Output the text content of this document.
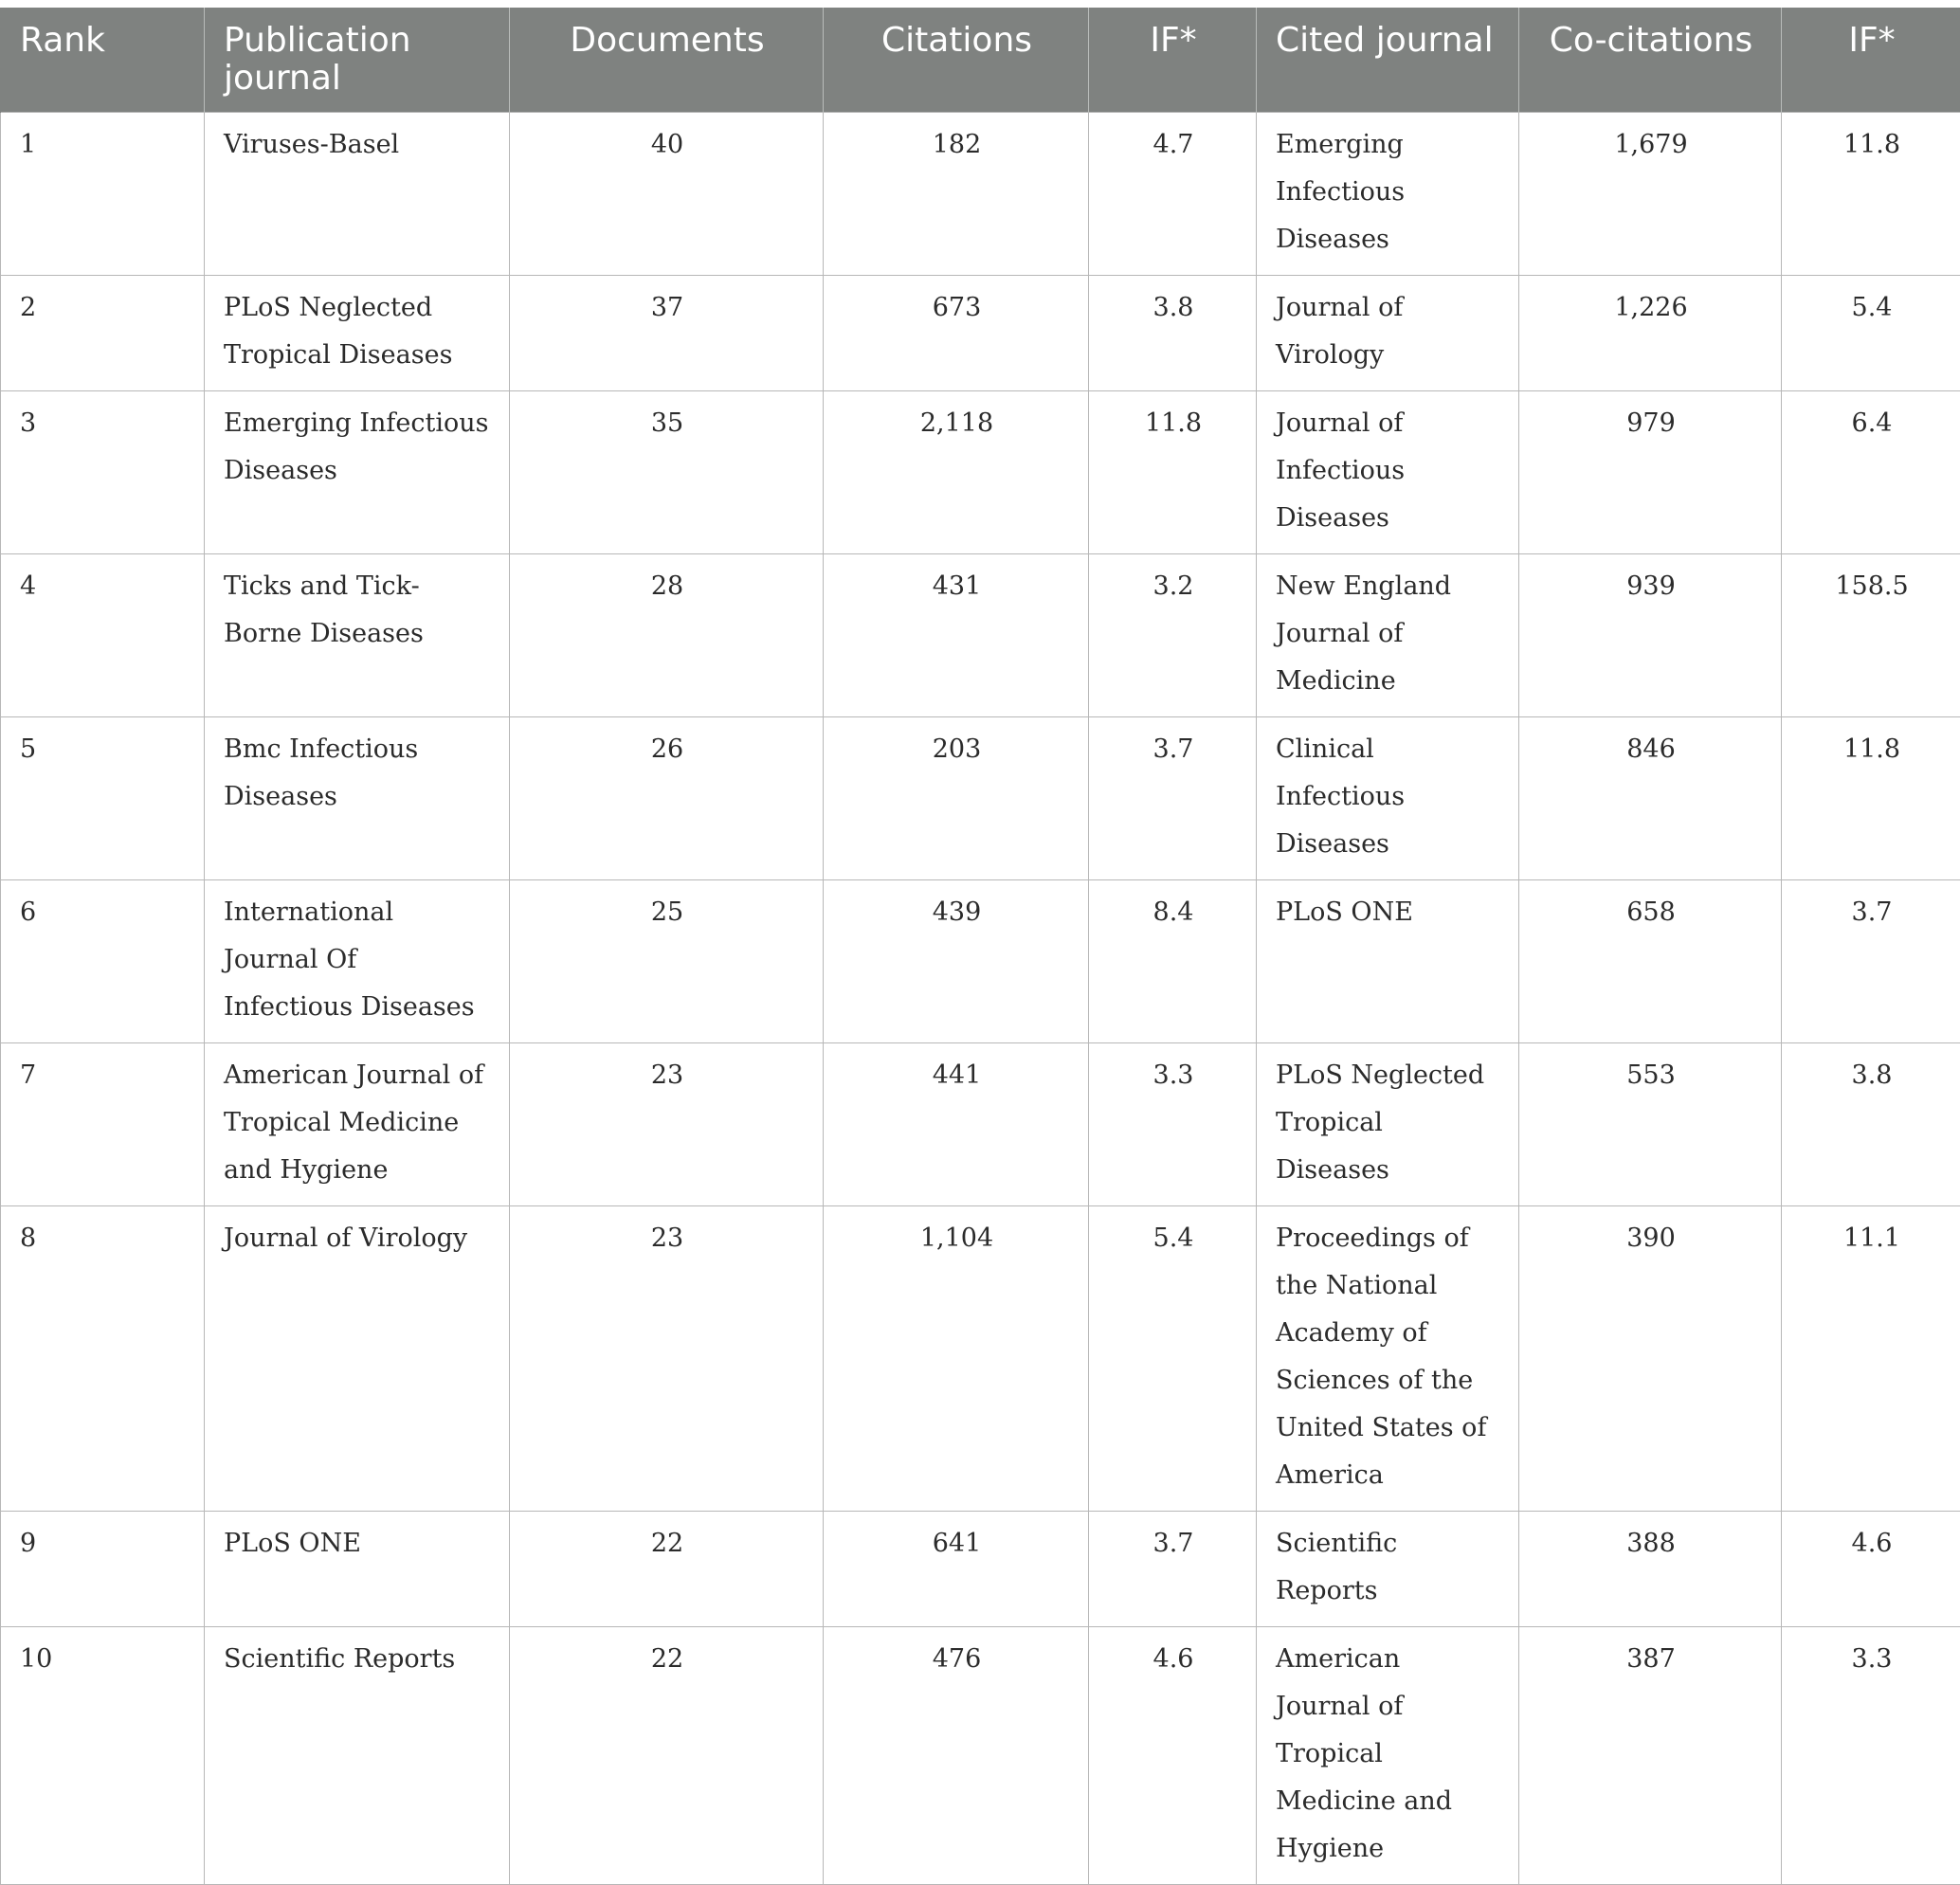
Rank	Publication journal	Documents	Citations	IF*	Cited journal	Co-citations	IF*
1	Viruses-Basel	40	182	4.7	Emerging Infectious Diseases	1,679	11.8
2	PLoS Neglected Tropical Diseases	37	673	3.8	Journal of Virology	1,226	5.4
3	Emerging Infectious Diseases	35	2,118	11.8	Journal of Infectious Diseases	979	6.4
4	Ticks and Tick-Borne Diseases	28	431	3.2	New England Journal of Medicine	939	158.5
5	Bmc Infectious Diseases	26	203	3.7	Clinical Infectious Diseases	846	11.8
6	International Journal Of Infectious Diseases	25	439	8.4	PLoS ONE	658	3.7
7	American Journal of Tropical Medicine and Hygiene	23	441	3.3	PLoS Neglected Tropical Diseases	553	3.8
8	Journal of Virology	23	1,104	5.4	Proceedings of the National Academy of Sciences of the United States of America	390	11.1
9	PLoS ONE	22	641	3.7	Scientific Reports	388	4.6
10	Scientific Reports	22	476	4.6	American Journal of Tropical Medicine and Hygiene	387	3.3
